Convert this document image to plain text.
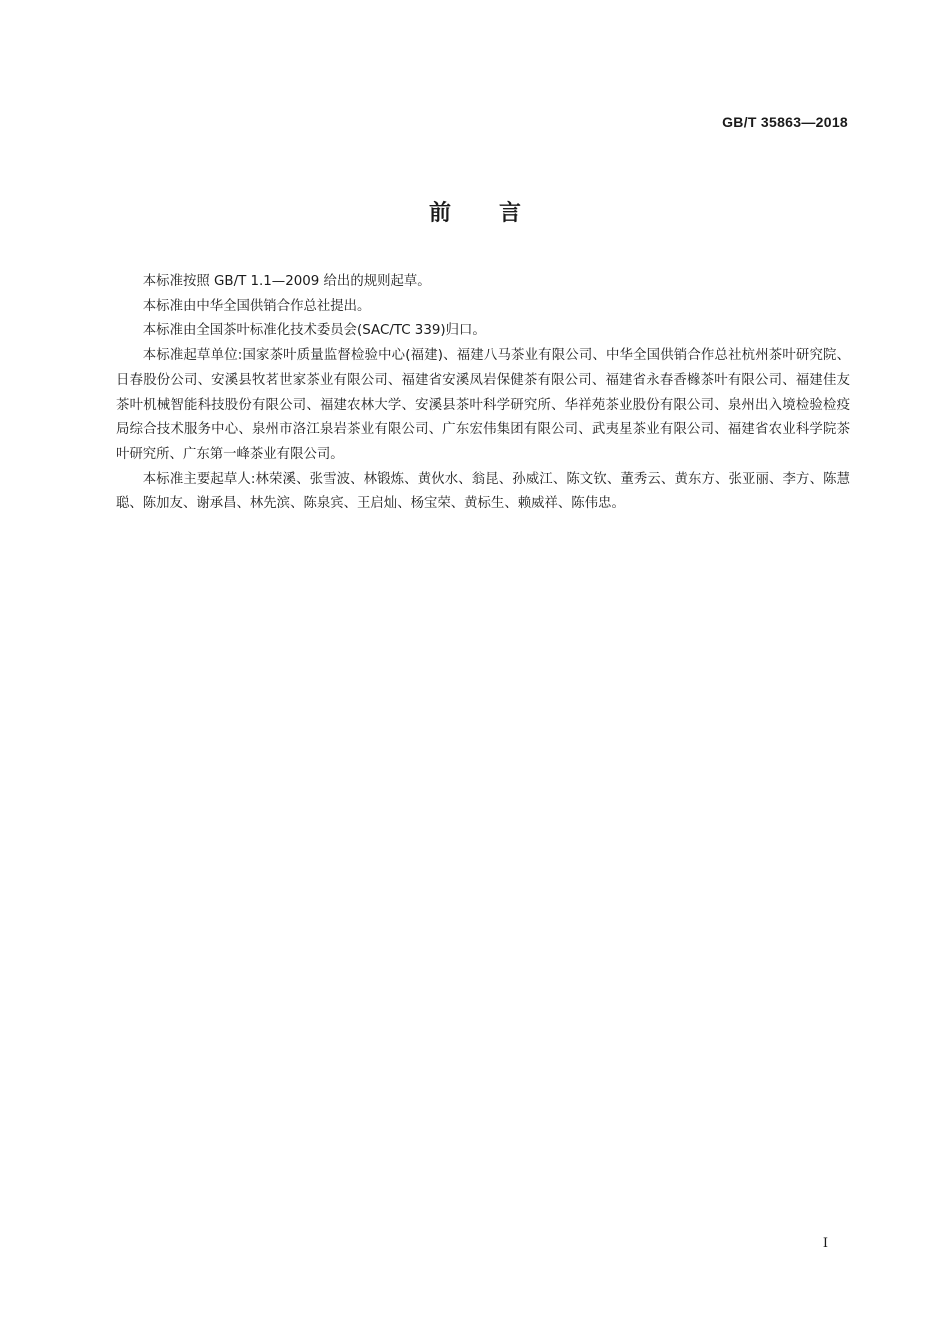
GB/T 35863—2018
前言

本标准按照 GB/T 1.1—2009 给出的规则起草。

本标准由中华全国供销合作总社提出。

本标准由全国茶叶标准化技术委员会(SAC/TC 339)归口。

本标准起草单位:国家茶叶质量监督检验中心(福建)、福建八马茶业有限公司、中华全国供销合作总社杭州茶叶研究院、日春股份公司、安溪县牧茗世家茶业有限公司、福建省安溪凤岩保健茶有限公司、福建省永春香橼茶叶有限公司、福建佳友茶叶机械智能科技股份有限公司、福建农林大学、安溪县茶叶科学研究所、华祥苑茶业股份有限公司、泉州出入境检验检疫局综合技术服务中心、泉州市洛江泉岩茶业有限公司、广东宏伟集团有限公司、武夷星茶业有限公司、福建省农业科学院茶叶研究所、广东第一峰茶业有限公司。

本标准主要起草人:林荣溪、张雪波、林锻炼、黄伙水、翁昆、孙威江、陈文钦、董秀云、黄东方、张亚丽、李方、陈慧聪、陈加友、谢承昌、林先滨、陈泉宾、王启灿、杨宝荣、黄标生、赖威祥、陈伟忠。

I
